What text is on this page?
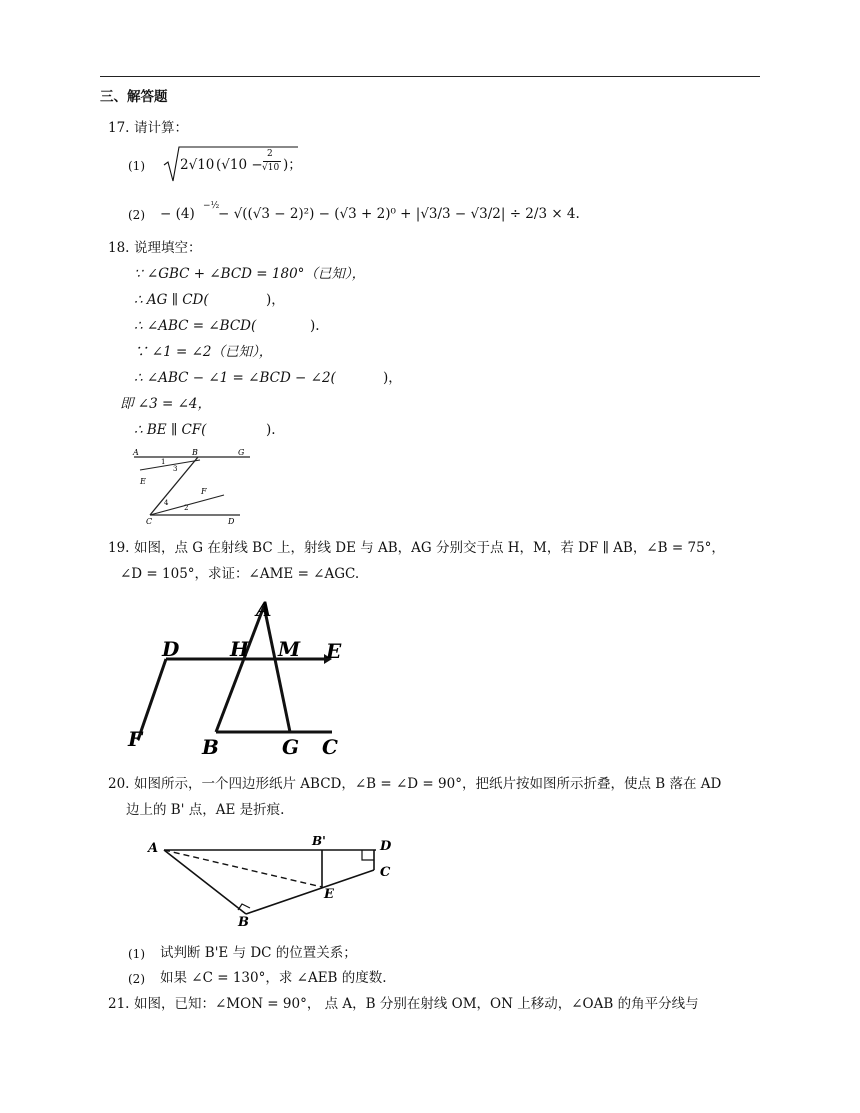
三、解答题
17. 请计算：
(1)	2√10 (√10 −
2
√10 )；
(2) − (4) −½
− √((√3 − 2)²) − (√3 + 2)⁰ + |√3/3 − √3/2| ÷ 2/3 × 4.
18. 说理填空：
∵ ∠GBC + ∠BCD = 180°（已知），
∴ AG ∥ CD(	)，
∴ ∠ABC = ∠BCD(	).
∵ ∠1 = ∠2（已知），
∴ ∠ABC − ∠1 = ∠BCD − ∠2(	)，
即 ∠3 = ∠4，
∴ BE ∥ CF(	).
A	B	G
1
3
E
F
4
2
C	D
19. 如图，点 G 在射线 BC 上，射线 DE 与 AB，AG 分别交于点 H，M，若 DF ∥ AB，∠B = 75°，
∠D = 105°，求证：∠AME = ∠AGC.
A
D	H M E
F	B	G C
20. 如图所示，一个四边形纸片 ABCD，∠B = ∠D = 90°，把纸片按如图所示折叠，使点 B 落在 AD
边上的 B' 点，AE 是折痕.
A	B'	D
C
E
B
(1) 试判断 B'E 与 DC 的位置关系；
(2) 如果 ∠C = 130°，求 ∠AEB 的度数.
21. 如图，已知：∠MON = 90°， 点 A，B 分别在射线 OM，ON 上移动，∠OAB 的角平分线与
